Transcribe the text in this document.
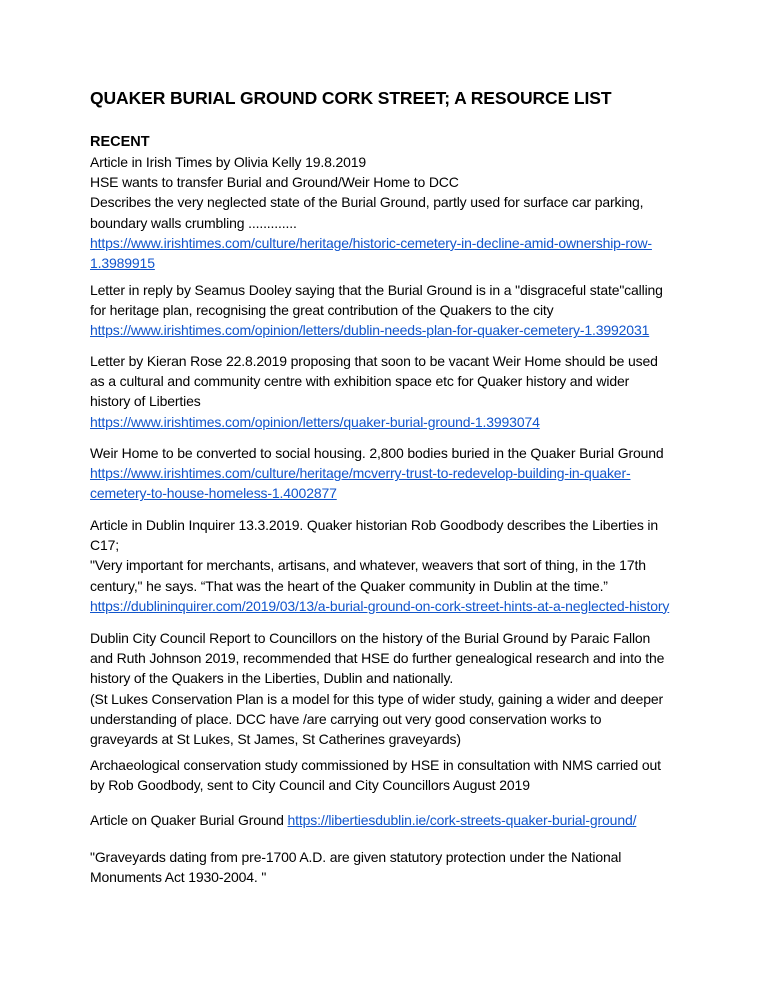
QUAKER BURIAL GROUND CORK STREET; A RESOURCE LIST
RECENT
Article in Irish Times by Olivia Kelly 19.8.2019
HSE wants to transfer Burial and Ground/Weir Home to DCC
Describes the very neglected state of the Burial Ground, partly used for surface car parking,
boundary walls crumbling .............
https://www.irishtimes.com/culture/heritage/historic-cemetery-in-decline-amid-ownership-row-
1.3989915
Letter in reply by Seamus Dooley saying that the Burial Ground is in a "disgraceful state"calling
for heritage plan, recognising the great contribution of the Quakers to the city
https://www.irishtimes.com/opinion/letters/dublin-needs-plan-for-quaker-cemetery-1.3992031
Letter by Kieran Rose 22.8.2019 proposing that soon to be vacant Weir Home should be used
as a cultural and community centre with exhibition space etc for Quaker history and wider
history of Liberties
https://www.irishtimes.com/opinion/letters/quaker-burial-ground-1.3993074
Weir Home to be converted to social housing. 2,800 bodies buried in the Quaker Burial Ground
https://www.irishtimes.com/culture/heritage/mcverry-trust-to-redevelop-building-in-quaker-
cemetery-to-house-homeless-1.4002877
Article in Dublin Inquirer 13.3.2019. Quaker historian Rob Goodbody describes the Liberties in
C17;
"Very important for merchants, artisans, and whatever, weavers that sort of thing, in the 17th
century," he says. “That was the heart of the Quaker community in Dublin at the time.”
https://dublininquirer.com/2019/03/13/a-burial-ground-on-cork-street-hints-at-a-neglected-history
Dublin City Council Report to Councillors on the history of the Burial Ground by Paraic Fallon
and Ruth Johnson 2019, recommended that HSE do further genealogical research and into the
history of the Quakers in the Liberties, Dublin and nationally.
(St Lukes Conservation Plan is a model for this type of wider study, gaining a wider and deeper
understanding of place. DCC have /are carrying out very good conservation works to
graveyards at St Lukes, St James, St Catherines graveyards)
Archaeological conservation study commissioned by HSE in consultation with NMS carried out
by Rob Goodbody, sent to City Council and City Councillors August 2019
Article on Quaker Burial Ground https://libertiesdublin.ie/cork-streets-quaker-burial-ground/
"Graveyards dating from pre-1700 A.D. are given statutory protection under the National
Monuments Act 1930-2004. "
